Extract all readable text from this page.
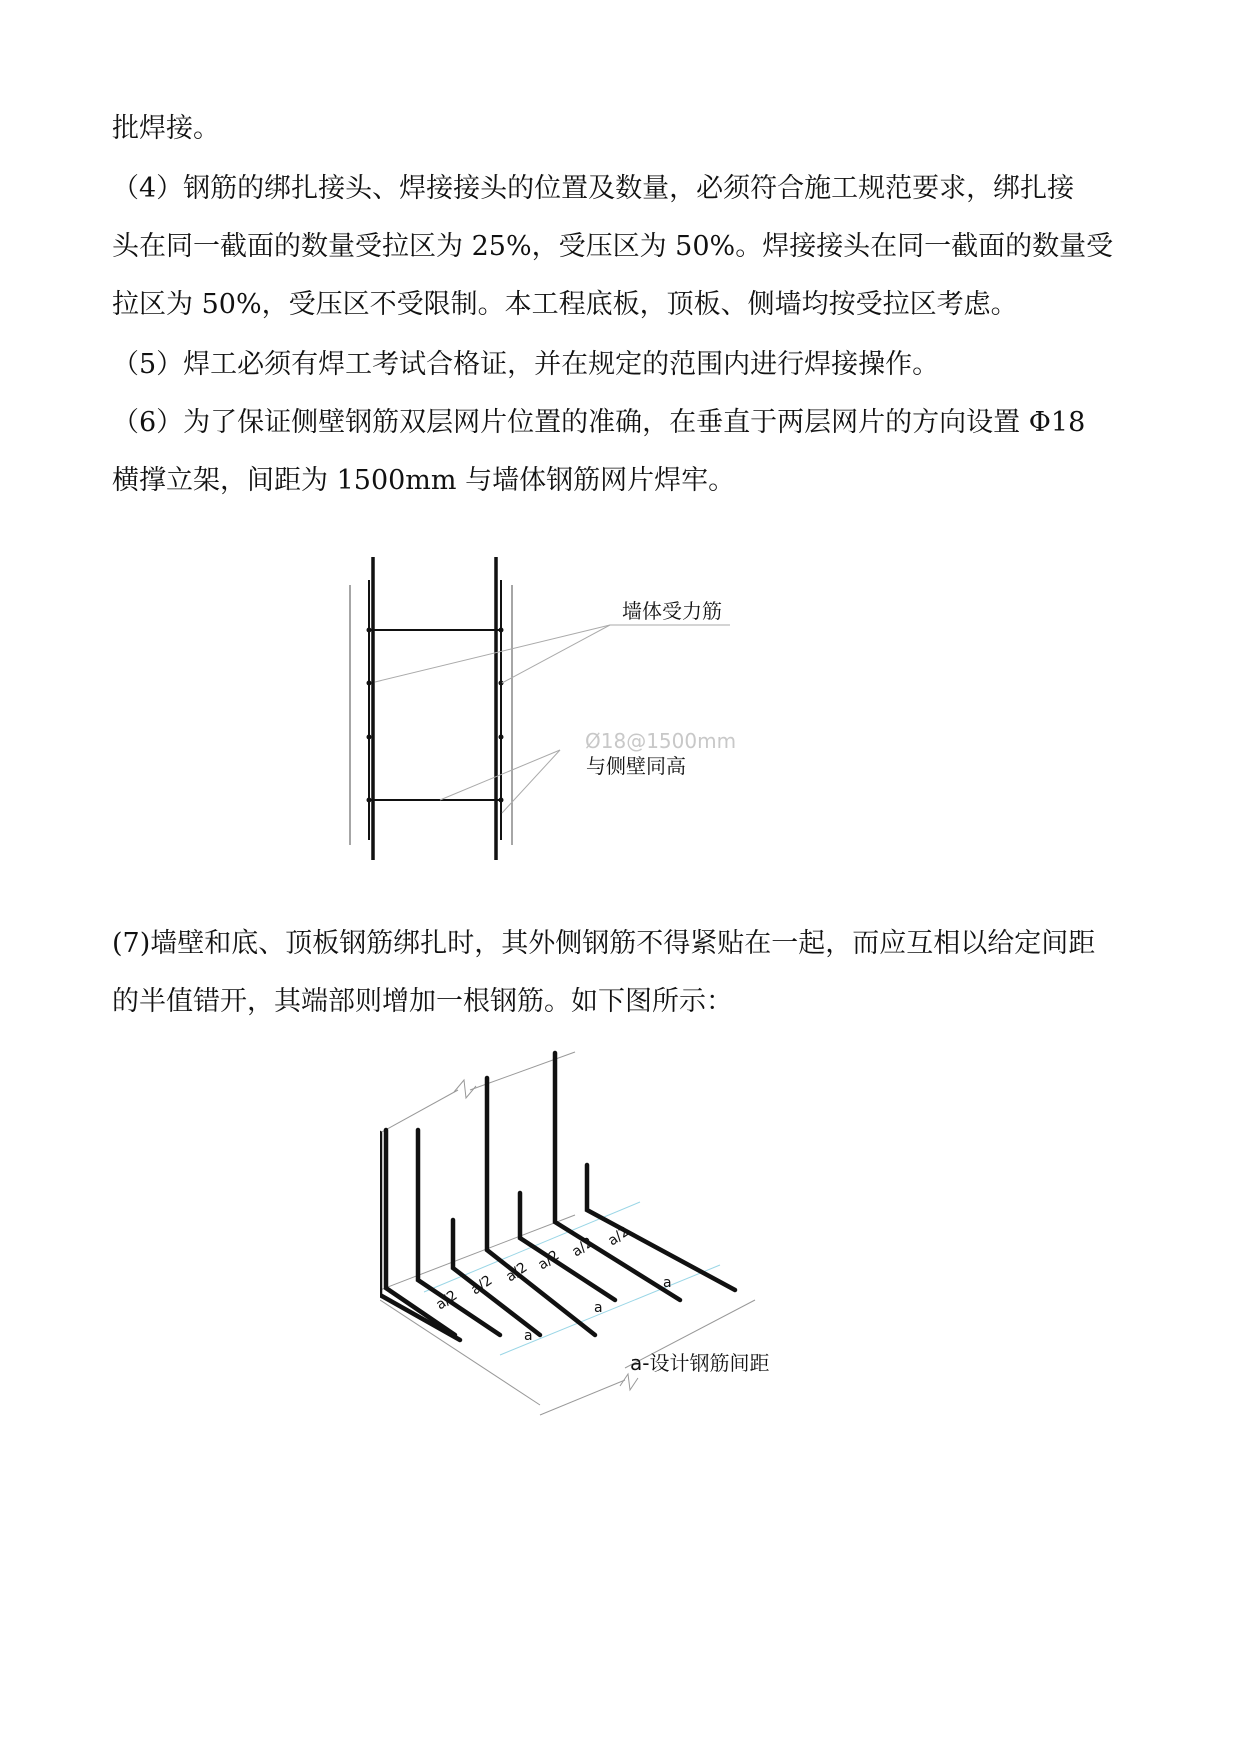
批焊接。

（4）钢筋的绑扎接头、焊接接头的位置及数量，必须符合施工规范要求，绑扎接
头在同一截面的数量受拉区为 25%，受压区为 50%。焊接接头在同一截面的数量受
拉区为 50%，受压区不受限制。本工程底板，顶板、侧墙均按受拉区考虑。

（5）焊工必须有焊工考试合格证，并在规定的范围内进行焊接操作。

（6）为了保证侧壁钢筋双层网片位置的准确，在垂直于两层网片的方向设置 Φ18
横撑立架，间距为 1500mm 与墙体钢筋网片焊牢。

墙体受力筋
Ø18@1500mm
与侧壁同高

(7)墙壁和底、顶板钢筋绑扎时，其外侧钢筋不得紧贴在一起，而应互相以给定间距
的半值错开，其端部则增加一根钢筋。如下图所示：

a/2
a/2
a/2 a/2
a/2 a/2
a
a
a
a-设计钢筋间距
